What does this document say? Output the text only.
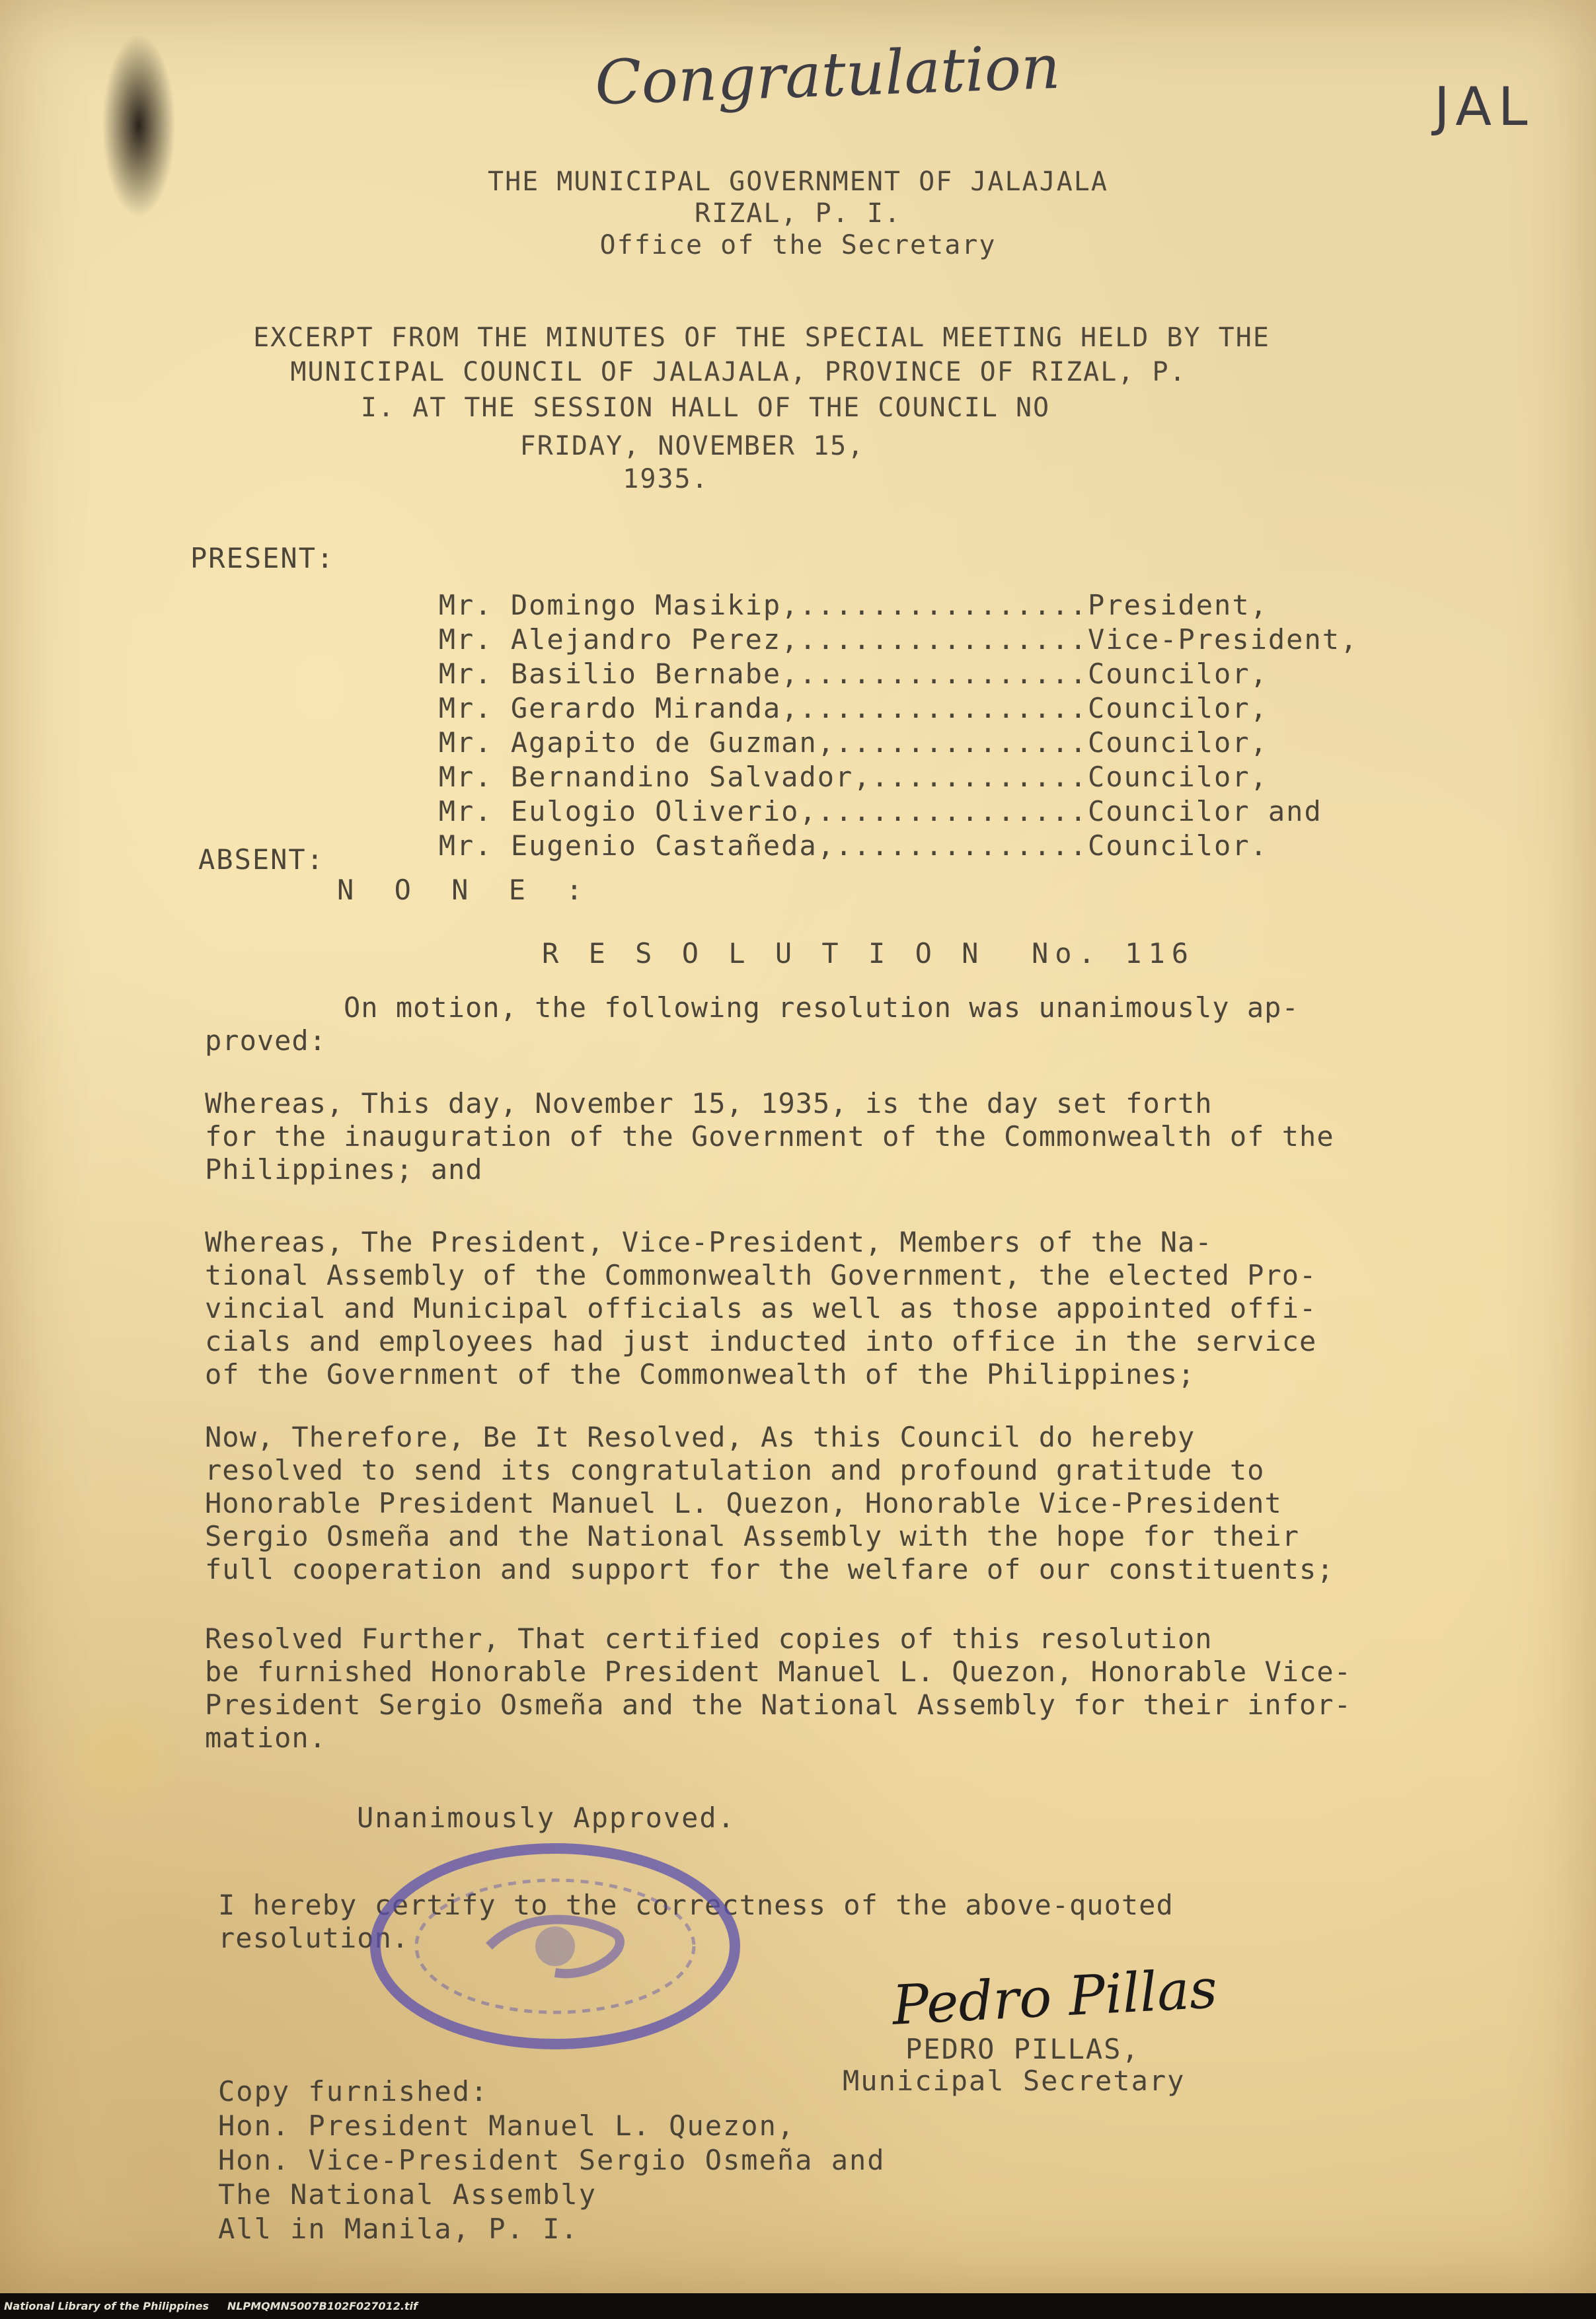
Congratulation	JAL
THE MUNICIPAL GOVERNMENT OF JALAJALA
RIZAL, P. I.
Office of the Secretary
EXCERPT FROM THE MINUTES OF THE SPECIAL MEETING HELD BY THE
MUNICIPAL COUNCIL OF JALAJALA, PROVINCE OF RIZAL, P.
I. AT THE SESSION HALL OF THE COUNCIL NO
FRIDAY, NOVEMBER 15,
1935.
PRESENT:

Mr. Domingo Masikip,................President,

Mr. Alejandro Perez,................Vice-President,

Mr. Basilio Bernabe,................Councilor,

Mr. Gerardo Miranda,................Councilor,

Mr. Agapito de Guzman,..............Councilor,

Mr. Bernandino Salvador,............Councilor,

Mr. Eulogio Oliverio,...............Councilor and

Mr. Eugenio Castañeda,..............Councilor.

ABSENT:
N O N E :
R E S O L U T I O N  No. 116
On motion, the following resolution was unanimously ap-
proved:
Whereas, This day, November 15, 1935, is the day set forth
for the inauguration of the Government of the Commonwealth of the
Philippines; and
Whereas, The President, Vice-President, Members of the Na-
tional Assembly of the Commonwealth Government, the elected Pro-
vincial and Municipal officials as well as those appointed offi-
cials and employees had just inducted into office in the service
of the Government of the Commonwealth of the Philippines;
Now, Therefore, Be It Resolved, As this Council do hereby
resolved to send its congratulation and profound gratitude to
Honorable President Manuel L. Quezon, Honorable Vice-President
Sergio Osmeña and the National Assembly with the hope for their
full cooperation and support for the welfare of our constituents;
Resolved Further, That certified copies of this resolution
be furnished Honorable President Manuel L. Quezon, Honorable Vice-
President Sergio Osmeña and the National Assembly for their infor-
mation.
Unanimously Approved.
I hereby certify to the correctness of the above-quoted
resolution.
Pedro Pillas
PEDRO PILLAS,
Municipal Secretary
Copy furnished:
Hon. President Manuel L. Quezon,
Hon. Vice-President Sergio Osmeña and
The National Assembly
All in Manila, P. I.
National Library of the Philippines     NLPMQMN5007B102F027012.tif
